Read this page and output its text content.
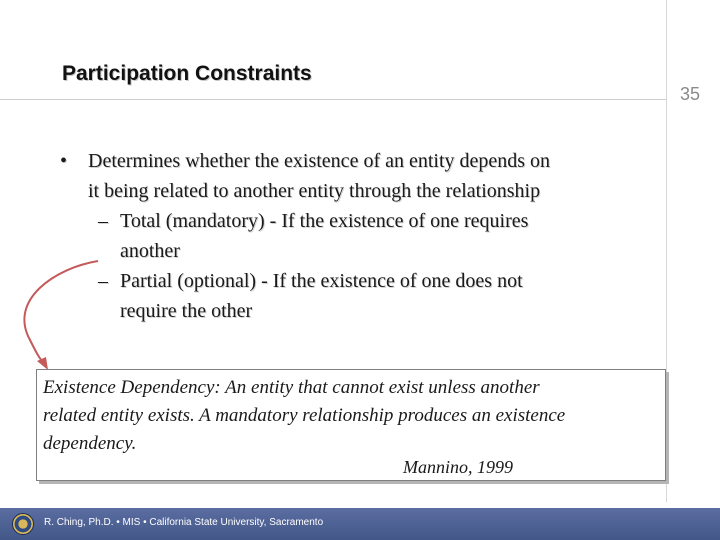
Participation Constraints
35
• Determines whether the existence of an entity depends on
it being related to another entity through the relationship
– Total (mandatory) - If the existence of one requires
another
– Partial (optional) - If the existence of one does not
require the other
Existence Dependency: An entity that cannot exist unless another
related entity exists. A mandatory relationship produces an existence
dependency.
Mannino, 1999
R. Ching, Ph.D. • MIS • California State University, Sacramento
